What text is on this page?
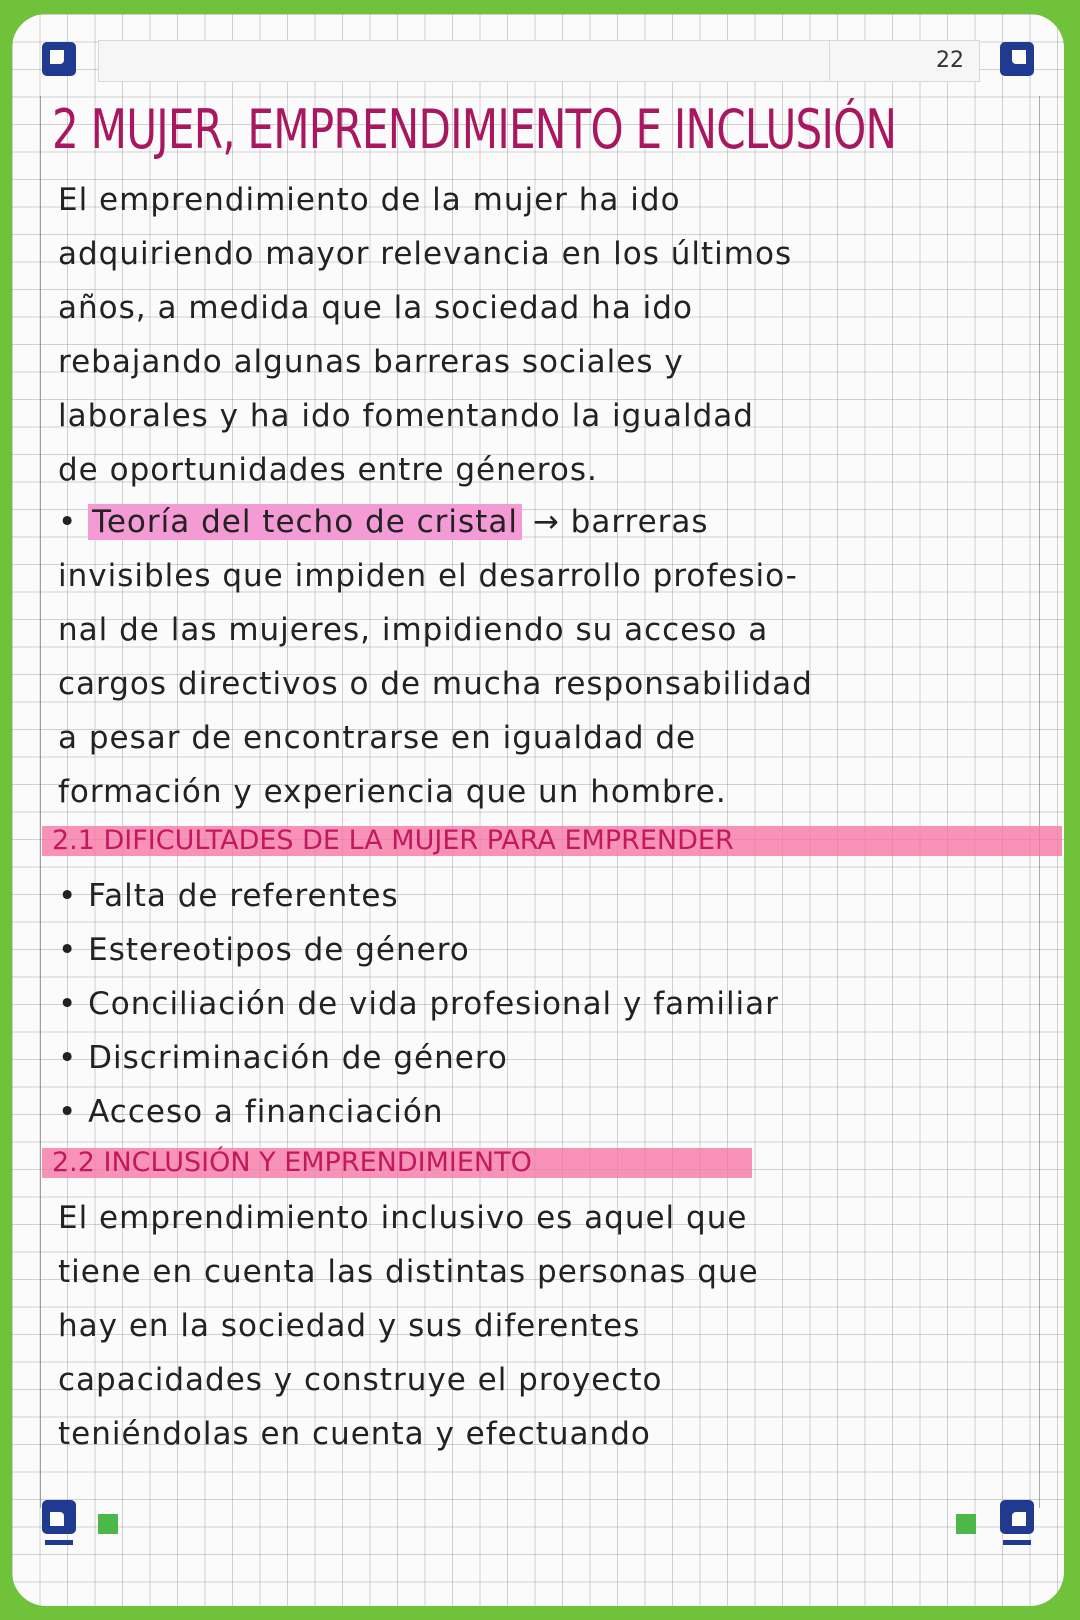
22
2 MUJER, EMPRENDIMIENTO E INCLUSIÓN
El emprendimiento de la mujer ha ido
adquiriendo mayor relevancia en los últimos
años, a medida que la sociedad ha ido
rebajando algunas barreras sociales y
laborales y ha ido fomentando la igualdad
de oportunidades entre géneros.
• Teoría del techo de cristal → barreras
invisibles que impiden el desarrollo profesio-
nal de las mujeres, impidiendo su acceso a
cargos directivos o de mucha responsabilidad
a pesar de encontrarse en igualdad de
formación y experiencia que un hombre.
2.1 DIFICULTADES DE LA MUJER PARA EMPRENDER
• Falta de referentes
• Estereotipos de género
• Conciliación de vida profesional y familiar
• Discriminación de género
• Acceso a financiación
2.2 INCLUSIÓN Y EMPRENDIMIENTO
El emprendimiento inclusivo es aquel que
tiene en cuenta las distintas personas que
hay en la sociedad y sus diferentes
capacidades y construye el proyecto
teniéndolas en cuenta y efectuando
